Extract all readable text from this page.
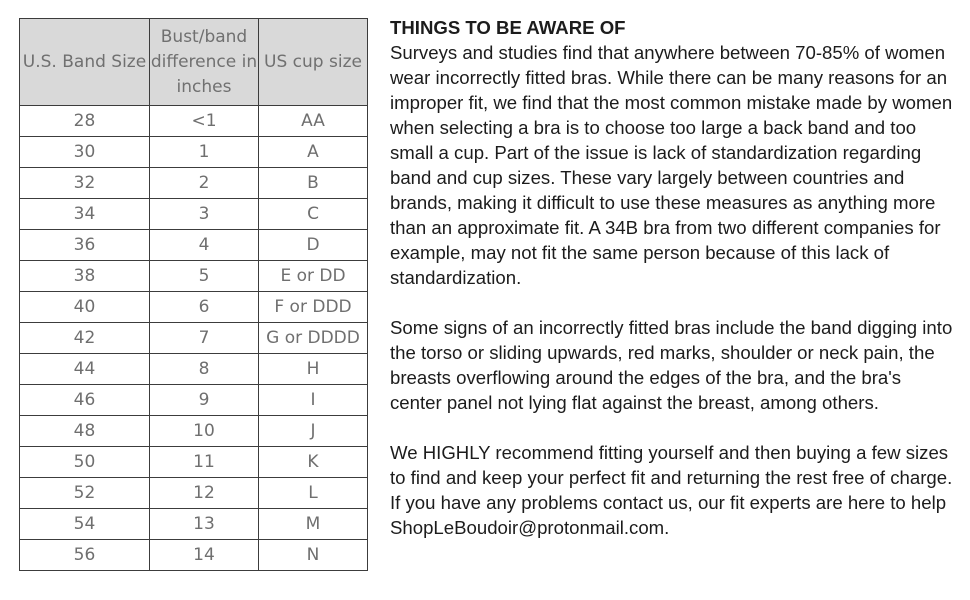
U.S. Band Size	Bust/band difference in inches	US cup size
28	<1	AA
30	1	A
32	2	B
34	3	C
36	4	D
38	5	E or DD
40	6	F or DDD
42	7	G or DDDD
44	8	H
46	9	I
48	10	J
50	11	K
52	12	L
54	13	M
56	14	N
THINGS TO BE AWARE OF

Surveys and studies find that anywhere between 70-85% of women wear incorrectly fitted bras. While there can be many reasons for an improper fit, we find that the most common mistake made by women when selecting a bra is to choose too large a back band and too small a cup. Part of the issue is lack of standardization regarding band and cup sizes. These vary largely between countries and brands, making it difficult to use these measures as anything more than an approximate fit. A 34B bra from two different companies for example, may not fit the same person because of this lack of standardization.

Some signs of an incorrectly fitted bras include the band digging into the torso or sliding upwards, red marks, shoulder or neck pain, the breasts overflowing around the edges of the bra, and the bra's center panel not lying flat against the breast, among others.

We HIGHLY recommend fitting yourself and then buying a few sizes to find and keep your perfect fit and returning the rest free of charge. If you have any problems contact us, our fit experts are here to help ShopLeBoudoir@protonmail.com.
